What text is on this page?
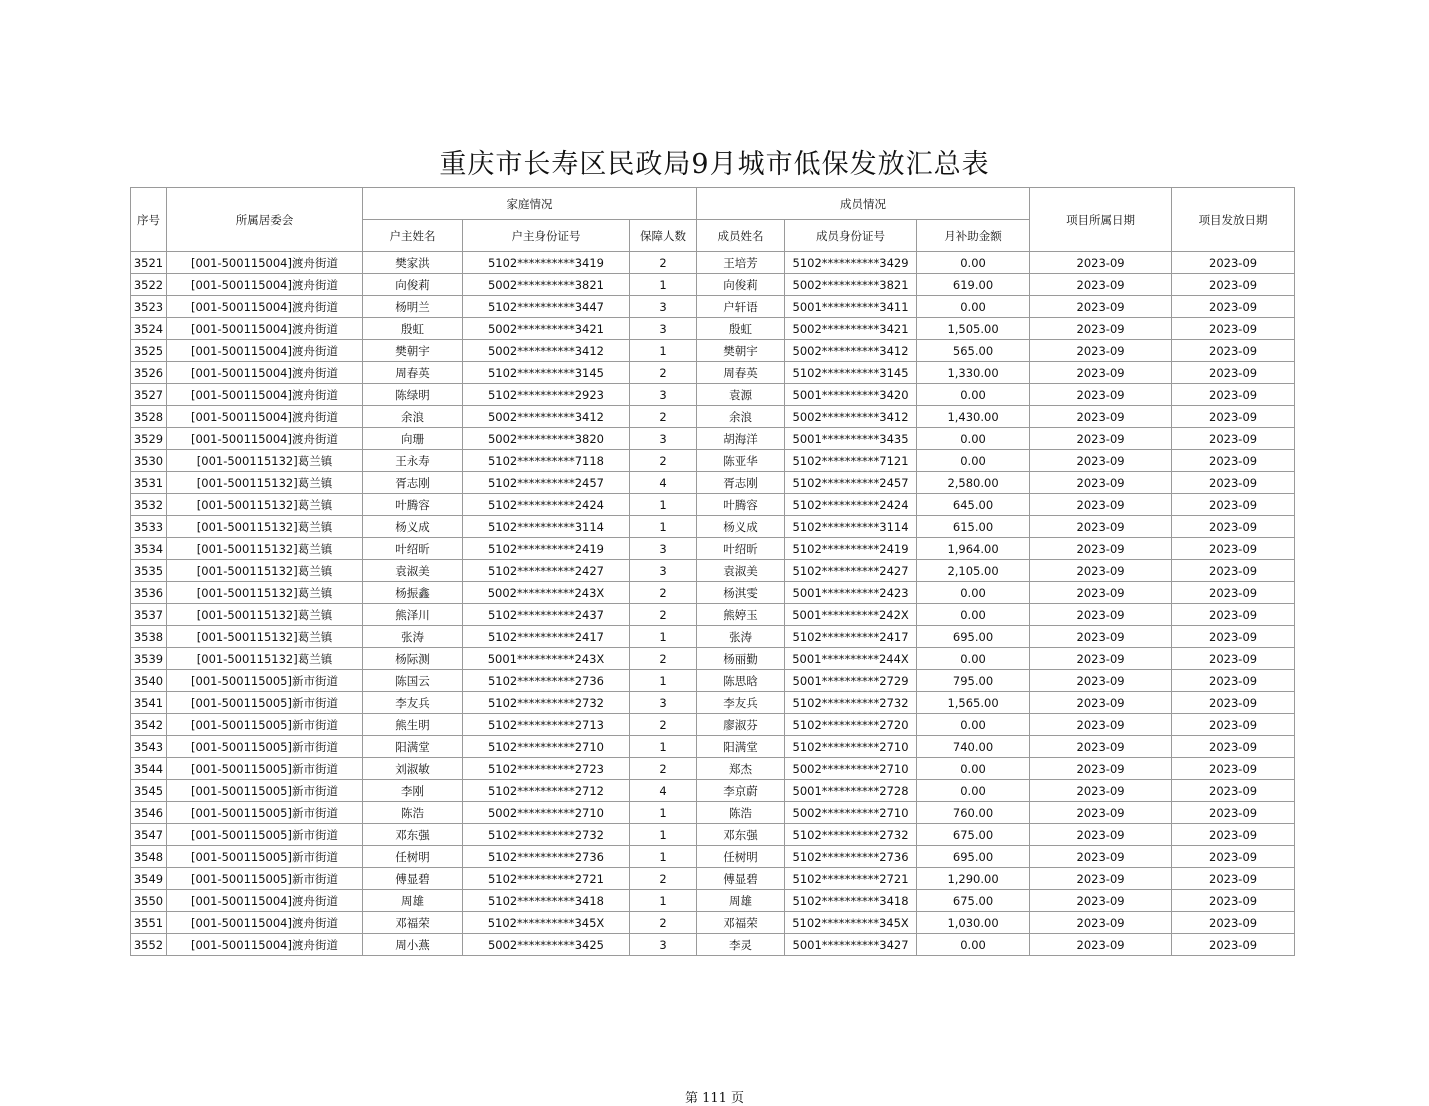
重庆市长寿区民政局9月城市低保发放汇总表
序号	所属居委会	家庭情况			成员情况			项目所属日期	项目发放日期
		户主姓名	户主身份证号	保障人数	成员姓名	成员身份证号	月补助金额		
3521	[001-500115004]渡舟街道	樊家洪	5102**********3419	2	王培芳	5102**********3429	0.00	2023-09	2023-09
3522	[001-500115004]渡舟街道	向俊莉	5002**********3821	1	向俊莉	5002**********3821	619.00	2023-09	2023-09
3523	[001-500115004]渡舟街道	杨明兰	5102**********3447	3	户轩语	5001**********3411	0.00	2023-09	2023-09
3524	[001-500115004]渡舟街道	殷虹	5002**********3421	3	殷虹	5002**********3421	1,505.00	2023-09	2023-09
3525	[001-500115004]渡舟街道	樊朝宇	5002**********3412	1	樊朝宇	5002**********3412	565.00	2023-09	2023-09
3526	[001-500115004]渡舟街道	周春英	5102**********3145	2	周春英	5102**********3145	1,330.00	2023-09	2023-09
3527	[001-500115004]渡舟街道	陈绿明	5102**********2923	3	袁源	5001**********3420	0.00	2023-09	2023-09
3528	[001-500115004]渡舟街道	余浪	5002**********3412	2	余浪	5002**********3412	1,430.00	2023-09	2023-09
3529	[001-500115004]渡舟街道	向珊	5002**********3820	3	胡海洋	5001**********3435	0.00	2023-09	2023-09
3530	[001-500115132]葛兰镇	王永寿	5102**********7118	2	陈亚华	5102**********7121	0.00	2023-09	2023-09
3531	[001-500115132]葛兰镇	胥志刚	5102**********2457	4	胥志刚	5102**********2457	2,580.00	2023-09	2023-09
3532	[001-500115132]葛兰镇	叶腾容	5102**********2424	1	叶腾容	5102**********2424	645.00	2023-09	2023-09
3533	[001-500115132]葛兰镇	杨义成	5102**********3114	1	杨义成	5102**********3114	615.00	2023-09	2023-09
3534	[001-500115132]葛兰镇	叶绍昕	5102**********2419	3	叶绍昕	5102**********2419	1,964.00	2023-09	2023-09
3535	[001-500115132]葛兰镇	袁淑美	5102**********2427	3	袁淑美	5102**********2427	2,105.00	2023-09	2023-09
3536	[001-500115132]葛兰镇	杨振鑫	5002**********243X	2	杨淇雯	5001**********2423	0.00	2023-09	2023-09
3537	[001-500115132]葛兰镇	熊泽川	5102**********2437	2	熊婷玉	5001**********242X	0.00	2023-09	2023-09
3538	[001-500115132]葛兰镇	张涛	5102**********2417	1	张涛	5102**********2417	695.00	2023-09	2023-09
3539	[001-500115132]葛兰镇	杨际测	5001**********243X	2	杨丽勤	5001**********244X	0.00	2023-09	2023-09
3540	[001-500115005]新市街道	陈国云	5102**********2736	1	陈思晗	5001**********2729	795.00	2023-09	2023-09
3541	[001-500115005]新市街道	李友兵	5102**********2732	3	李友兵	5102**********2732	1,565.00	2023-09	2023-09
3542	[001-500115005]新市街道	熊生明	5102**********2713	2	廖淑芬	5102**********2720	0.00	2023-09	2023-09
3543	[001-500115005]新市街道	阳满堂	5102**********2710	1	阳满堂	5102**********2710	740.00	2023-09	2023-09
3544	[001-500115005]新市街道	刘淑敏	5102**********2723	2	郑杰	5002**********2710	0.00	2023-09	2023-09
3545	[001-500115005]新市街道	李刚	5102**********2712	4	李京蔚	5001**********2728	0.00	2023-09	2023-09
3546	[001-500115005]新市街道	陈浩	5002**********2710	1	陈浩	5002**********2710	760.00	2023-09	2023-09
3547	[001-500115005]新市街道	邓东强	5102**********2732	1	邓东强	5102**********2732	675.00	2023-09	2023-09
3548	[001-500115005]新市街道	任树明	5102**********2736	1	任树明	5102**********2736	695.00	2023-09	2023-09
3549	[001-500115005]新市街道	傅显碧	5102**********2721	2	傅显碧	5102**********2721	1,290.00	2023-09	2023-09
3550	[001-500115004]渡舟街道	周雄	5102**********3418	1	周雄	5102**********3418	675.00	2023-09	2023-09
3551	[001-500115004]渡舟街道	邓福荣	5102**********345X	2	邓福荣	5102**********345X	1,030.00	2023-09	2023-09
3552	[001-500115004]渡舟街道	周小燕	5002**********3425	3	李灵	5001**********3427	0.00	2023-09	2023-09
第 111 页
